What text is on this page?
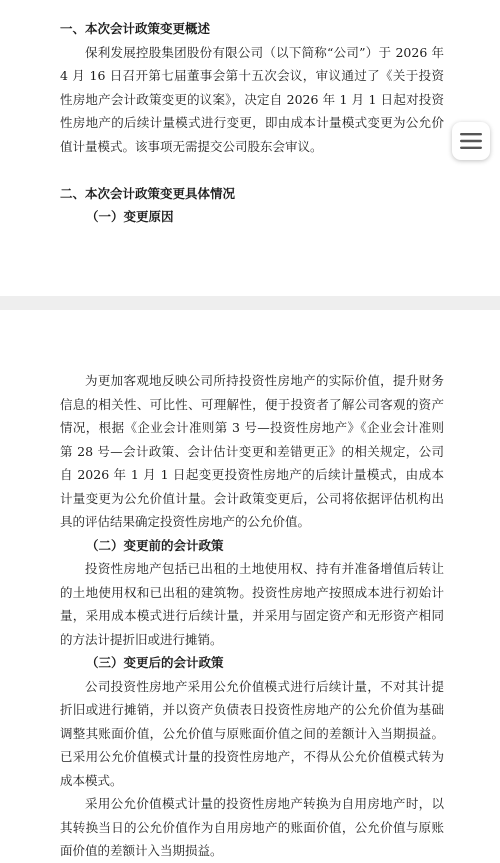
一、本次会计政策变更概述

保利发展控股集团股份有限公司（以下简称“公司”）于 2026 年 4 月 16 日召开第七届董事会第十五次会议，审议通过了《关于投资性房地产会计政策变更的议案》，决定自 2026 年 1 月 1 日起对投资性房地产的后续计量模式进行变更，即由成本计量模式变更为公允价值计量模式。该事项无需提交公司股东会审议。

二、本次会计政策变更具体情况

（一）变更原因

为更加客观地反映公司所持投资性房地产的实际价值，提升财务信息的相关性、可比性、可理解性，便于投资者了解公司客观的资产情况，根据《企业会计准则第 3 号—投资性房地产》《企业会计准则第 28 号—会计政策、会计估计变更和差错更正》的相关规定，公司自 2026 年 1 月 1 日起变更投资性房地产的后续计量模式，由成本计量变更为公允价值计量。会计政策变更后，公司将依据评估机构出具的评估结果确定投资性房地产的公允价值。

（二）变更前的会计政策

投资性房地产包括已出租的土地使用权、持有并准备增值后转让的土地使用权和已出租的建筑物。投资性房地产按照成本进行初始计量，采用成本模式进行后续计量，并采用与固定资产和无形资产相同的方法计提折旧或进行摊销。

（三）变更后的会计政策

公司投资性房地产采用公允价值模式进行后续计量，不对其计提折旧或进行摊销，并以资产负债表日投资性房地产的公允价值为基础调整其账面价值，公允价值与原账面价值之间的差额计入当期损益。已采用公允价值模式计量的投资性房地产，不得从公允价值模式转为成本模式。

采用公允价值模式计量的投资性房地产转换为自用房地产时，以其转换当日的公允价值作为自用房地产的账面价值，公允价值与原账面价值的差额计入当期损益。
